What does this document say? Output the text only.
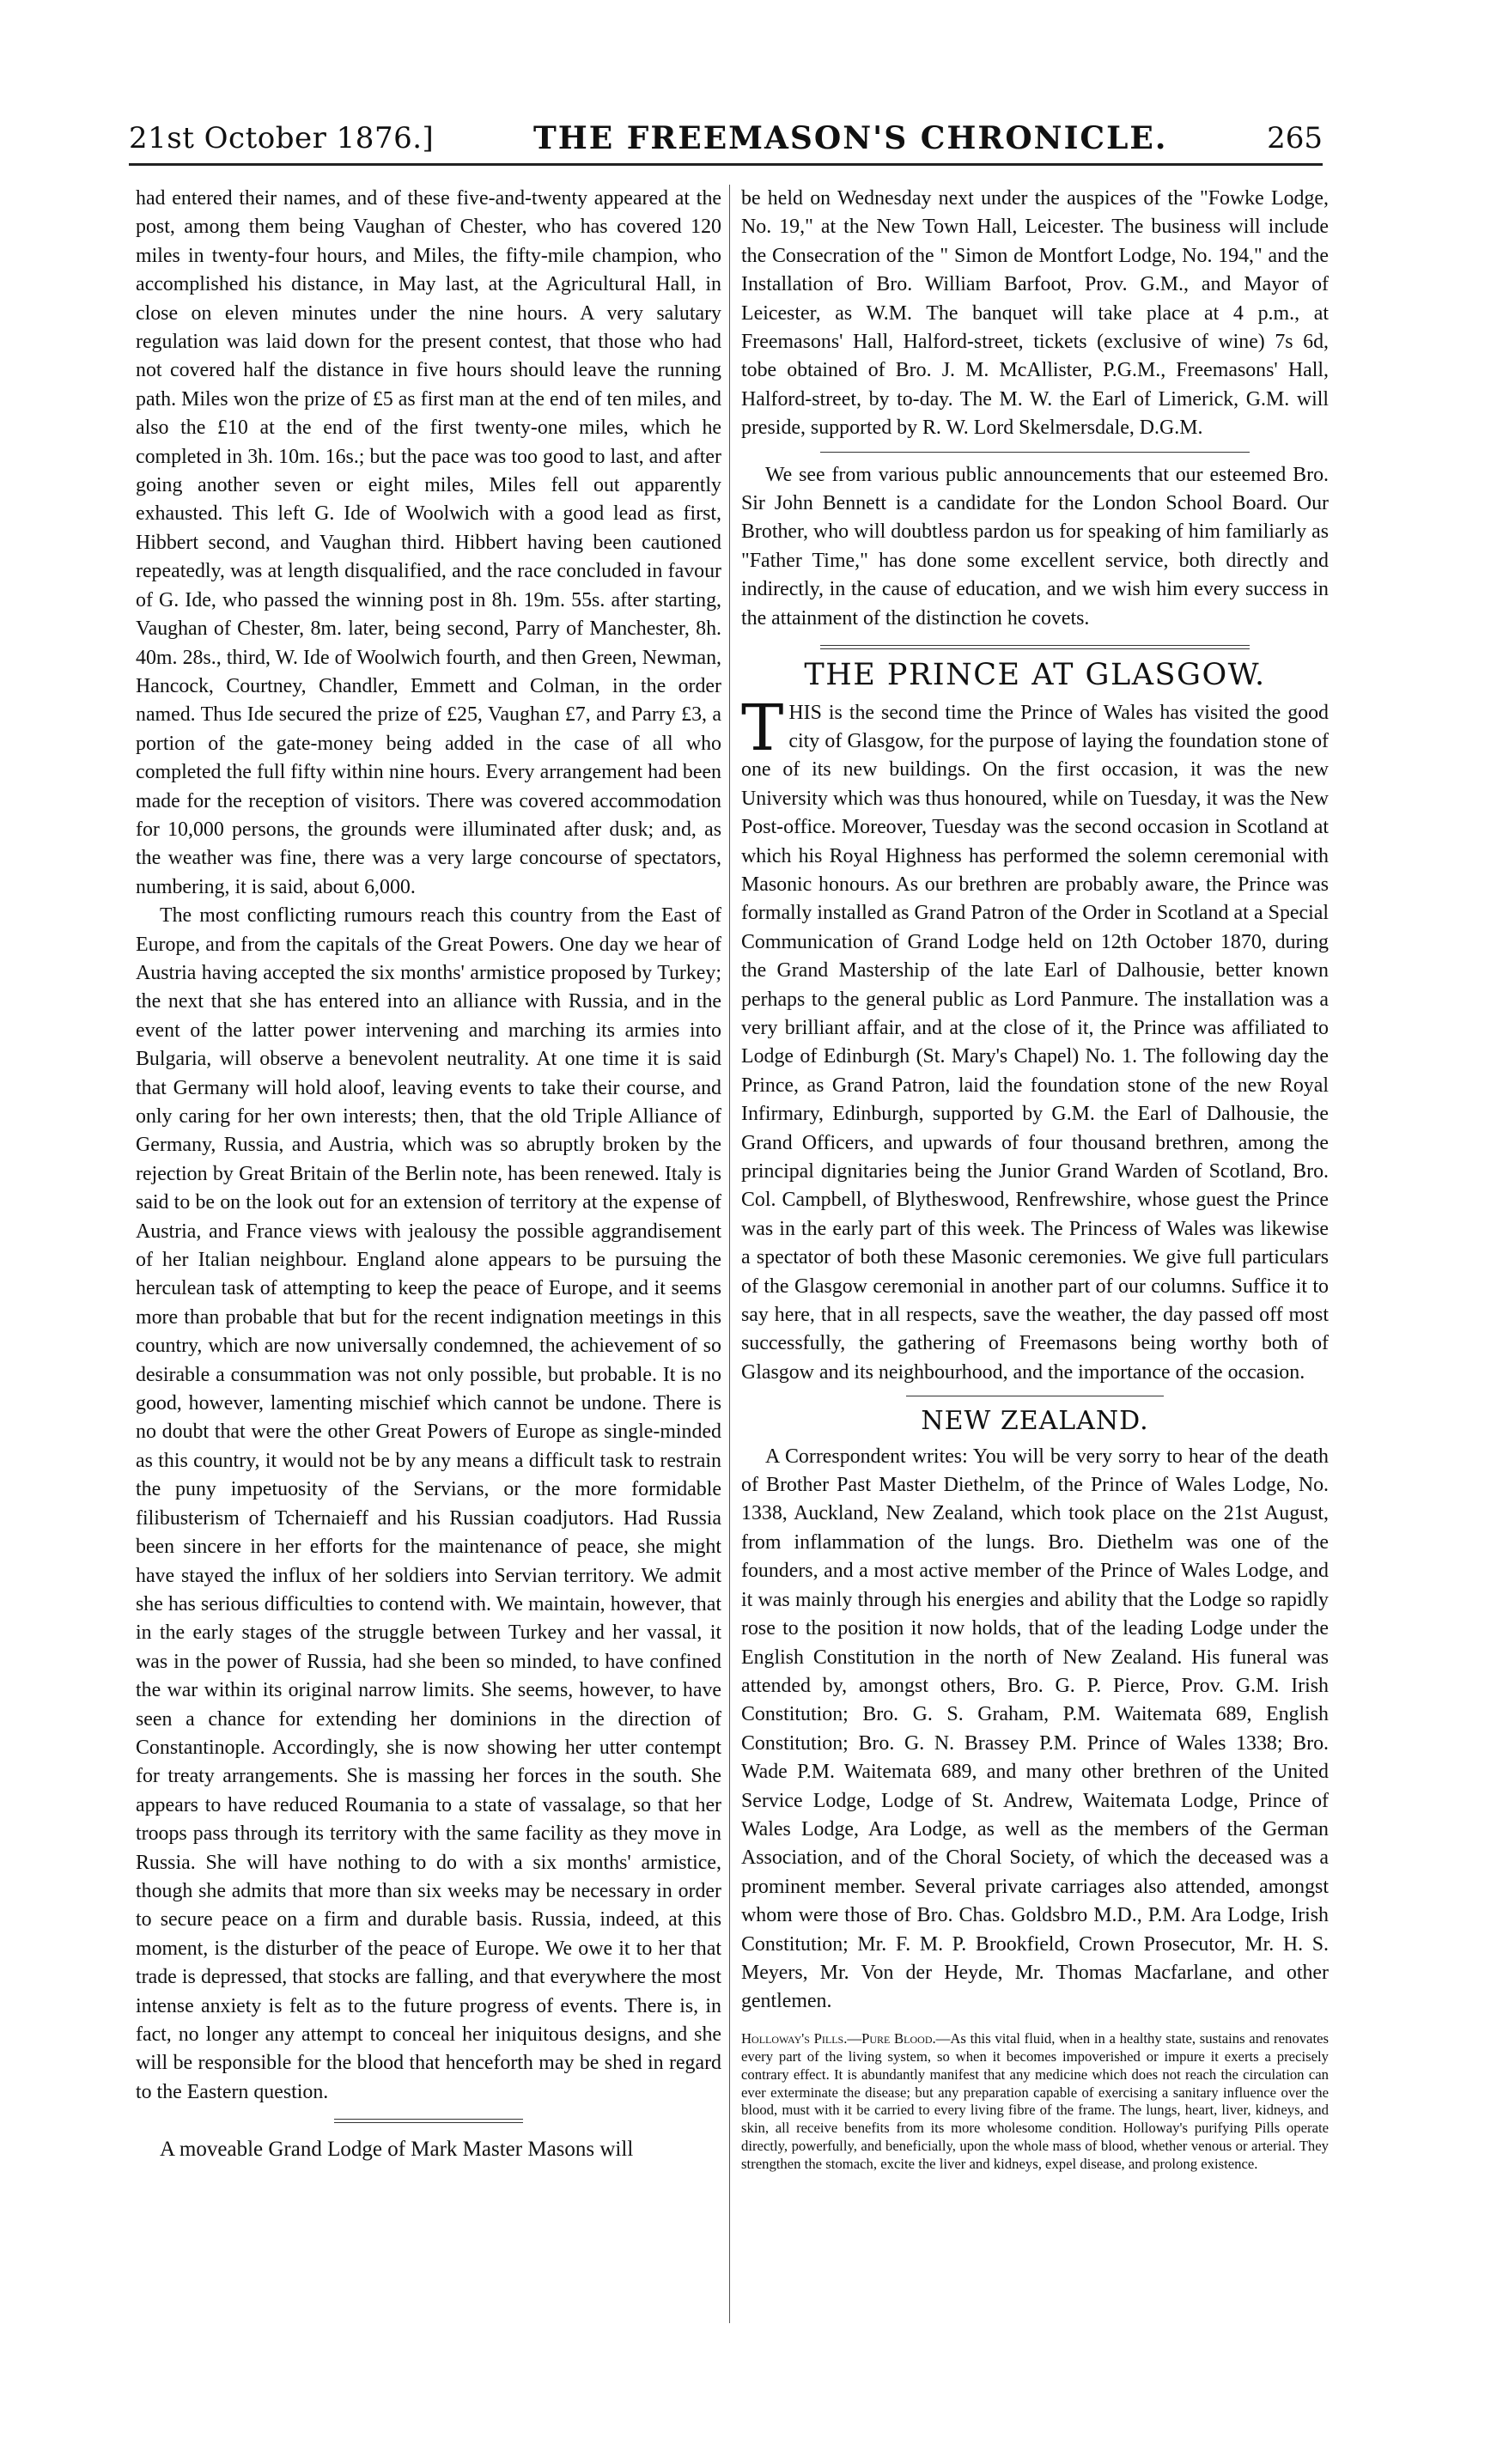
21st October 1876.]	THE FREEMASON'S CHRONICLE.	265

had entered their names, and of these five-and-twenty appeared at the post, among them being Vaughan of Chester, who has covered 120 miles in twenty-four hours, and Miles, the fifty-mile champion, who accomplished his distance, in May last, at the Agricultural Hall, in close on eleven minutes under the nine hours. A very salutary regulation was laid down for the present contest, that those who had not covered half the distance in five hours should leave the running path. Miles won the prize of £5 as first man at the end of ten miles, and also the £10 at the end of the first twenty-one miles, which he completed in 3h. 10m. 16s.; but the pace was too good to last, and after going another seven or eight miles, Miles fell out apparently exhausted. This left G. Ide of Woolwich with a good lead as first, Hibbert second, and Vaughan third. Hibbert having been cautioned repeatedly, was at length disqualified, and the race concluded in favour of G. Ide, who passed the winning post in 8h. 19m. 55s. after starting, Vaughan of Chester, 8m. later, being second, Parry of Manchester, 8h. 40m. 28s., third, W. Ide of Woolwich fourth, and then Green, Newman, Hancock, Courtney, Chandler, Emmett and Colman, in the order named. Thus Ide secured the prize of £25, Vaughan £7, and Parry £3, a portion of the gate-money being added in the case of all who completed the full fifty within nine hours. Every arrangement had been made for the reception of visitors. There was covered accommodation for 10,000 persons, the grounds were illuminated after dusk; and, as the weather was fine, there was a very large concourse of spectators, numbering, it is said, about 6,000.

The most conflicting rumours reach this country from the East of Europe, and from the capitals of the Great Powers. One day we hear of Austria having accepted the six months' armistice proposed by Turkey; the next that she has entered into an alliance with Russia, and in the event of the latter power intervening and marching its armies into Bulgaria, will observe a benevolent neutrality. At one time it is said that Germany will hold aloof, leaving events to take their course, and only caring for her own interests; then, that the old Triple Alliance of Germany, Russia, and Austria, which was so abruptly broken by the rejection by Great Britain of the Berlin note, has been renewed. Italy is said to be on the look out for an extension of territory at the expense of Austria, and France views with jealousy the possible aggrandisement of her Italian neighbour. England alone appears to be pursuing the herculean task of attempting to keep the peace of Europe, and it seems more than probable that but for the recent indignation meetings in this country, which are now universally condemned, the achievement of so desirable a consummation was not only possible, but probable. It is no good, however, lamenting mischief which cannot be undone. There is no doubt that were the other Great Powers of Europe as single-minded as this country, it would not be by any means a difficult task to restrain the puny impetuosity of the Servians, or the more formidable filibusterism of Tchernaieff and his Russian coadjutors. Had Russia been sincere in her efforts for the maintenance of peace, she might have stayed the influx of her soldiers into Servian territory. We admit she has serious difficulties to contend with. We maintain, however, that in the early stages of the struggle between Turkey and her vassal, it was in the power of Russia, had she been so minded, to have confined the war within its original narrow limits. She seems, however, to have seen a chance for extending her dominions in the direction of Constantinople. Accordingly, she is now showing her utter contempt for treaty arrangements. She is massing her forces in the south. She appears to have reduced Roumania to a state of vassalage, so that her troops pass through its territory with the same facility as they move in Russia. She will have nothing to do with a six months' armistice, though she admits that more than six weeks may be necessary in order to secure peace on a firm and durable basis. Russia, indeed, at this moment, is the disturber of the peace of Europe. We owe it to her that trade is depressed, that stocks are falling, and that everywhere the most intense anxiety is felt as to the future progress of events. There is, in fact, no longer any attempt to conceal her iniquitous designs, and she will be responsible for the blood that henceforth may be shed in regard to the Eastern question.

A moveable Grand Lodge of Mark Master Masons will

be held on Wednesday next under the auspices of the "Fowke Lodge, No. 19," at the New Town Hall, Leicester. The business will include the Consecration of the " Simon de Montfort Lodge, No. 194," and the Installation of Bro. William Barfoot, Prov. G.M., and Mayor of Leicester, as W.M. The banquet will take place at 4 p.m., at Freemasons' Hall, Halford-street, tickets (exclusive of wine) 7s 6d, tobe obtained of Bro. J. M. McAllister, P.G.M., Freemasons' Hall, Halford-street, by to-day. The M. W. the Earl of Limerick, G.M. will preside, supported by R. W. Lord Skelmersdale, D.G.M.

We see from various public announcements that our esteemed Bro. Sir John Bennett is a candidate for the London School Board. Our Brother, who will doubtless pardon us for speaking of him familiarly as "Father Time," has done some excellent service, both directly and indirectly, in the cause of education, and we wish him every success in the attainment of the distinction he covets.

THE PRINCE AT GLASGOW.

THIS is the second time the Prince of Wales has visited the good city of Glasgow, for the purpose of laying the foundation stone of one of its new buildings. On the first occasion, it was the new University which was thus honoured, while on Tuesday, it was the New Post-office. Moreover, Tuesday was the second occasion in Scotland at which his Royal Highness has performed the solemn ceremonial with Masonic honours. As our brethren are probably aware, the Prince was formally installed as Grand Patron of the Order in Scotland at a Special Communication of Grand Lodge held on 12th October 1870, during the Grand Mastership of the late Earl of Dalhousie, better known perhaps to the general public as Lord Panmure. The installation was a very brilliant affair, and at the close of it, the Prince was affiliated to Lodge of Edinburgh (St. Mary's Chapel) No. 1. The following day the Prince, as Grand Patron, laid the foundation stone of the new Royal Infirmary, Edinburgh, supported by G.M. the Earl of Dalhousie, the Grand Officers, and upwards of four thousand brethren, among the principal dignitaries being the Junior Grand Warden of Scotland, Bro. Col. Campbell, of Blytheswood, Renfrewshire, whose guest the Prince was in the early part of this week. The Princess of Wales was likewise a spectator of both these Masonic ceremonies. We give full particulars of the Glasgow ceremonial in another part of our columns. Suffice it to say here, that in all respects, save the weather, the day passed off most successfully, the gathering of Freemasons being worthy both of Glasgow and its neighbourhood, and the importance of the occasion.

NEW ZEALAND.

A Correspondent writes: You will be very sorry to hear of the death of Brother Past Master Diethelm, of the Prince of Wales Lodge, No. 1338, Auckland, New Zealand, which took place on the 21st August, from inflammation of the lungs. Bro. Diethelm was one of the founders, and a most active member of the Prince of Wales Lodge, and it was mainly through his energies and ability that the Lodge so rapidly rose to the position it now holds, that of the leading Lodge under the English Constitution in the north of New Zealand. His funeral was attended by, amongst others, Bro. G. P. Pierce, Prov. G.M. Irish Constitution; Bro. G. S. Graham, P.M. Waitemata 689, English Constitution; Bro. G. N. Brassey P.M. Prince of Wales 1338; Bro. Wade P.M. Waitemata 689, and many other brethren of the United Service Lodge, Lodge of St. Andrew, Waitemata Lodge, Prince of Wales Lodge, Ara Lodge, as well as the members of the German Association, and of the Choral Society, of which the deceased was a prominent member. Several private carriages also attended, amongst whom were those of Bro. Chas. Goldsbro M.D., P.M. Ara Lodge, Irish Constitution; Mr. F. M. P. Brookfield, Crown Prosecutor, Mr. H. S. Meyers, Mr. Von der Heyde, Mr. Thomas Macfarlane, and other gentlemen.

Holloway's Pills.—Pure Blood.—As this vital fluid, when in a healthy state, sustains and renovates every part of the living system, so when it becomes impoverished or impure it exerts a precisely contrary effect. It is abundantly manifest that any medicine which does not reach the circulation can ever exterminate the disease; but any preparation capable of exercising a sanitary influence over the blood, must with it be carried to every living fibre of the frame. The lungs, heart, liver, kidneys, and skin, all receive benefits from its more wholesome condition. Holloway's purifying Pills operate directly, powerfully, and beneficially, upon the whole mass of blood, whether venous or arterial. They strengthen the stomach, excite the liver and kidneys, expel disease, and prolong existence.
